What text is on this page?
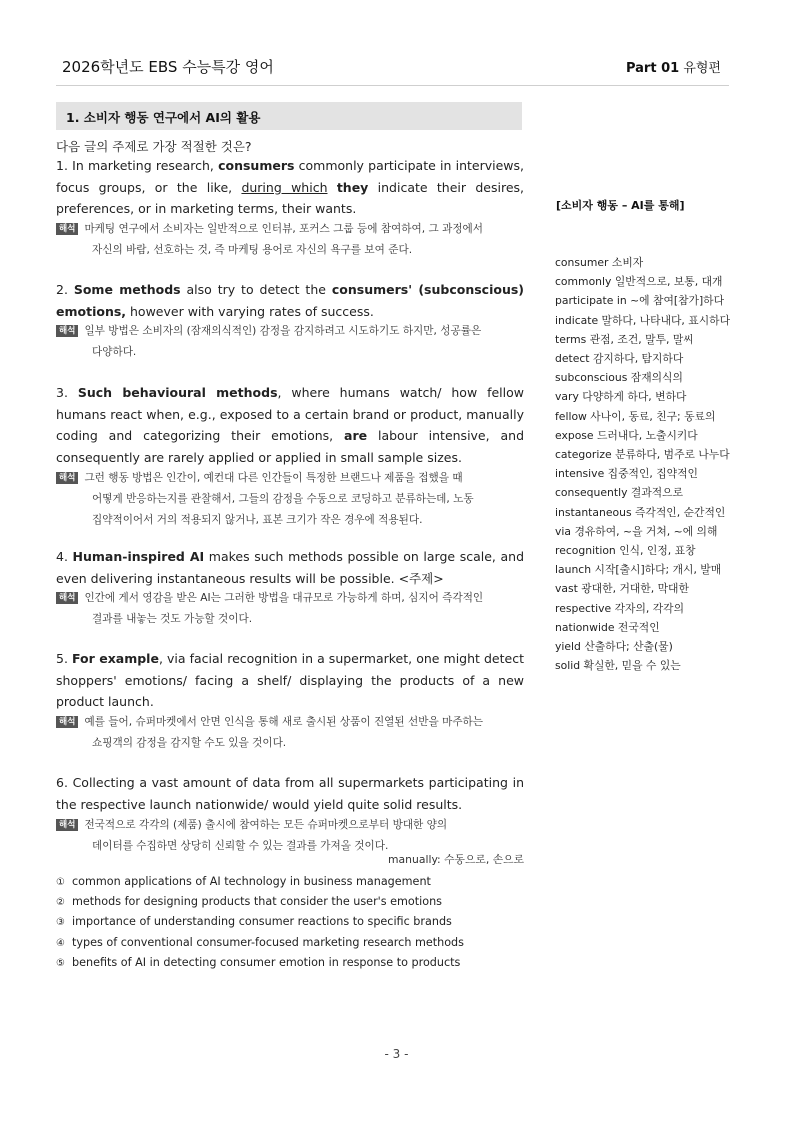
2026학년도 EBS 수능특강 영어	Part 01 유형편
1. 소비자 행동 연구에서 AI의 활용
다음 글의 주제로 가장 적절한 것은?
1. In marketing research, consumers commonly participate in interviews, focus groups, or the like, during which they indicate their desires, preferences, or in marketing terms, their wants.
해석 마케팅 연구에서 소비자는 일반적으로 인터뷰, 포커스 그룹 등에 참여하여, 그 과정에서
자신의 바람, 선호하는 것, 즉 마케팅 용어로 자신의 욕구를 보여 준다.
2. Some methods also try to detect the consumers' (subconscious) emotions, however with varying rates of success.
해석 일부 방법은 소비자의 (잠재의식적인) 감정을 감지하려고 시도하기도 하지만, 성공률은
다양하다.
3. Such behavioural methods, where humans watch/ how fellow humans react when, e.g., exposed to a certain brand or product, manually coding and categorizing their emotions, are labour intensive, and consequently are rarely applied or applied in small sample sizes.
해석 그런 행동 방법은 인간이, 예컨대 다른 인간들이 특정한 브랜드나 제품을 접했을 때
어떻게 반응하는지를 관찰해서, 그들의 감정을 수동으로 코딩하고 분류하는데, 노동
집약적이어서 거의 적용되지 않거나, 표본 크기가 작은 경우에 적용된다.
4. Human-inspired AI makes such methods possible on large scale, and even delivering instantaneous results will be possible. <주제>
해석 인간에 게서 영감을 받은 AI는 그러한 방법을 대규모로 가능하게 하며, 심지어 즉각적인
결과를 내놓는 것도 가능할 것이다.
5. For example, via facial recognition in a supermarket, one might detect shoppers' emotions/ facing a shelf/ displaying the products of a new product launch.
해석 예를 들어, 슈퍼마켓에서 안면 인식을 통해 새로 출시된 상품이 진열된 선반을 마주하는
쇼핑객의 감정을 감지할 수도 있을 것이다.
6. Collecting a vast amount of data from all supermarkets participating in the respective launch nationwide/ would yield quite solid results.
해석 전국적으로 각각의 (제품) 출시에 참여하는 모든 슈퍼마켓으로부터 방대한 양의
데이터를 수집하면 상당히 신뢰할 수 있는 결과를 가져올 것이다.
manually: 수동으로, 손으로
① common applications of AI technology in business management
② methods for designing products that consider the user's emotions
③ importance of understanding consumer reactions to specific brands
④ types of conventional consumer-focused marketing research methods
⑤ benefits of AI in detecting consumer emotion in response to products
[소비자 행동 – AI를 통해]
consumer 소비자
commonly 일반적으로, 보통, 대개
participate in ~에 참여[참가]하다
indicate 말하다, 나타내다, 표시하다
terms 관점, 조건, 말투, 말씨
detect 감지하다, 탐지하다
subconscious 잠재의식의
vary 다양하게 하다, 변하다
fellow 사나이, 동료, 친구; 동료의
expose 드러내다, 노출시키다
categorize 분류하다, 범주로 나누다
intensive 집중적인, 집약적인
consequently 결과적으로
instantaneous 즉각적인, 순간적인
via 경유하여, ~을 거쳐, ~에 의해
recognition 인식, 인정, 표창
launch 시작[출시]하다; 개시, 발매
vast 광대한, 거대한, 막대한
respective 각자의, 각각의
nationwide 전국적인
yield 산출하다; 산출(물)
solid 확실한, 믿을 수 있는
- 3 -
